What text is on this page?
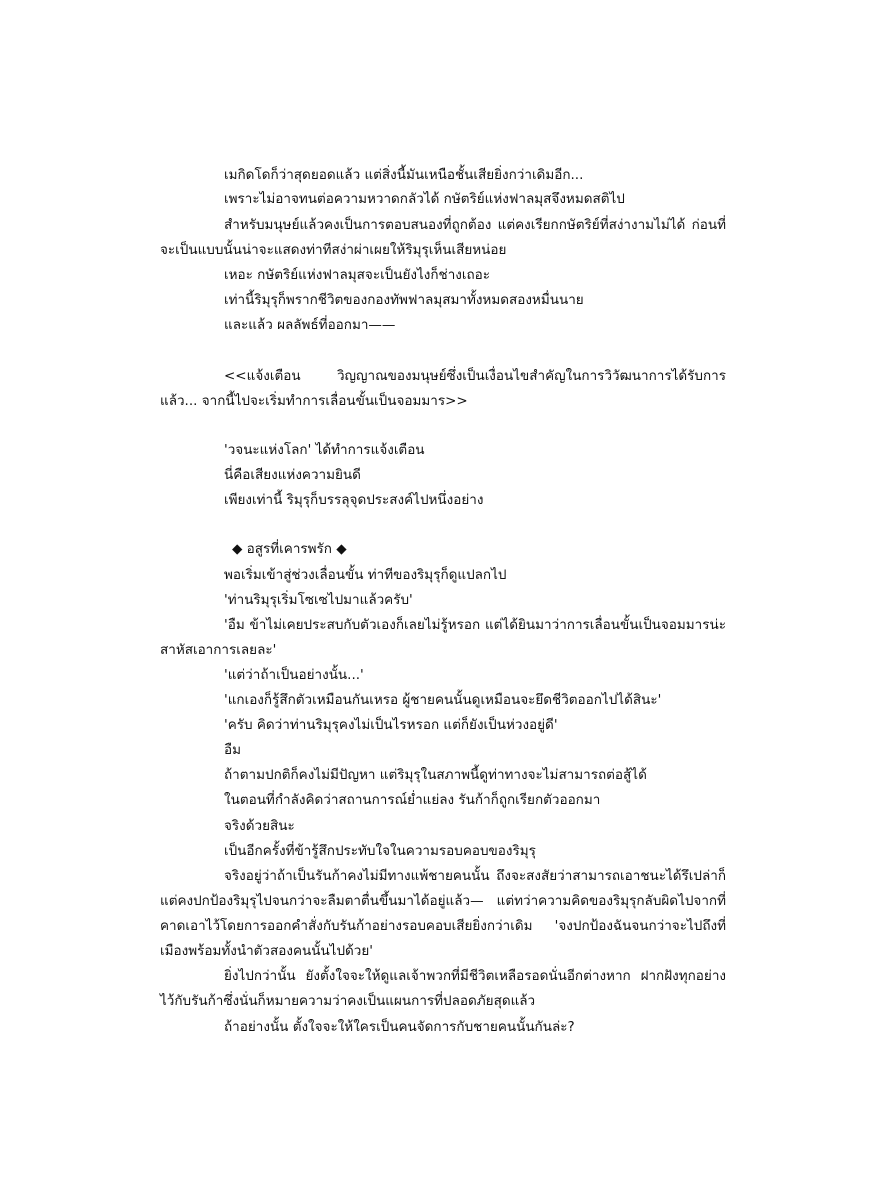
เมกิดโดก็ว่าสุดยอดแล้ว แต่สิ่งนี้มันเหนือชั้นเสียยิ่งกว่าเดิมอีก...
เพราะไม่อาจทนต่อความหวาดกลัวได้ กษัตริย์แห่งฟาลมุสจึงหมดสติไป
สำหรับมนุษย์แล้วคงเป็นการตอบสนองที่ถูกต้อง แต่คงเรียกกษัตริย์ที่สง่างามไม่ได้ ก่อนที่
จะเป็นแบบนั้นน่าจะแสดงท่าทีสง่าผ่าเผยให้ริมุรุเห็นเสียหน่อย
เหอะ กษัตริย์แห่งฟาลมุสจะเป็นยังไงก็ช่างเถอะ
เท่านี้ริมุรุก็พรากชีวิตของกองทัพฟาลมุสมาทั้งหมดสองหมื่นนาย
และแล้ว ผลลัพธ์ที่ออกมา——
<<แจ้งเตือน วิญญาณของมนุษย์ซึ่งเป็นเงื่อนไขสำคัญในการวิวัฒนาการได้รับการ
แล้ว... จากนี้ไปจะเริ่มทำการเลื่อนขั้นเป็นจอมมาร>>
'วจนะแห่งโลก' ได้ทำการแจ้งเตือน
นี่คือเสียงแห่งความยินดี
เพียงเท่านี้ ริมุรุก็บรรลุจุดประสงค์ไปหนึ่งอย่าง
◆ อสูรที่เคารพรัก ◆
พอเริ่มเข้าสู่ช่วงเลื่อนขั้น ท่าทีของริมุรุก็ดูแปลกไป
'ท่านริมุรุเริ่มโซเซไปมาแล้วครับ'
'อืม ข้าไม่เคยประสบกับตัวเองก็เลยไม่รู้หรอก แต่ได้ยินมาว่าการเลื่อนขั้นเป็นจอมมารน่ะ
สาหัสเอาการเลยละ'
'แต่ว่าถ้าเป็นอย่างนั้น...'
'แกเองก็รู้สึกตัวเหมือนกันเหรอ ผู้ชายคนนั้นดูเหมือนจะยึดชีวิตออกไปได้สินะ'
'ครับ คิดว่าท่านริมุรุคงไม่เป็นไรหรอก แต่ก็ยังเป็นห่วงอยู่ดี'
อืม
ถ้าตามปกติก็คงไม่มีปัญหา แต่ริมุรุในสภาพนี้ดูท่าทางจะไม่สามารถต่อสู้ได้
ในตอนที่กำลังคิดว่าสถานการณ์ย่ำแย่ลง รันก้าก็ถูกเรียกตัวออกมา
จริงด้วยสินะ
เป็นอีกครั้งที่ข้ารู้สึกประทับใจในความรอบคอบของริมุรุ
จริงอยู่ว่าถ้าเป็นรันก้าคงไม่มีทางแพ้ชายคนนั้น ถึงจะสงสัยว่าสามารถเอาชนะได้รึเปล่าก็
แต่คงปกป้องริมุรุไปจนกว่าจะลืมตาตื่นขึ้นมาได้อยู่แล้ว— แต่ทว่าความคิดของริมุรุกลับผิดไปจากที่
คาดเอาไว้โดยการออกคำสั่งกับรันก้าอย่างรอบคอบเสียยิ่งกว่าเดิม 'จงปกป้องฉันจนกว่าจะไปถึงที่
เมืองพร้อมทั้งนำตัวสองคนนั้นไปด้วย'
ยิ่งไปกว่านั้น ยังตั้งใจจะให้ดูแลเจ้าพวกที่มีชีวิตเหลือรอดนั่นอีกต่างหาก ฝากฝังทุกอย่าง
ไว้กับรันก้าซึ่งนั่นก็หมายความว่าคงเป็นแผนการที่ปลอดภัยสุดแล้ว
ถ้าอย่างนั้น ตั้งใจจะให้ใครเป็นคนจัดการกับชายคนนั้นกันล่ะ?
